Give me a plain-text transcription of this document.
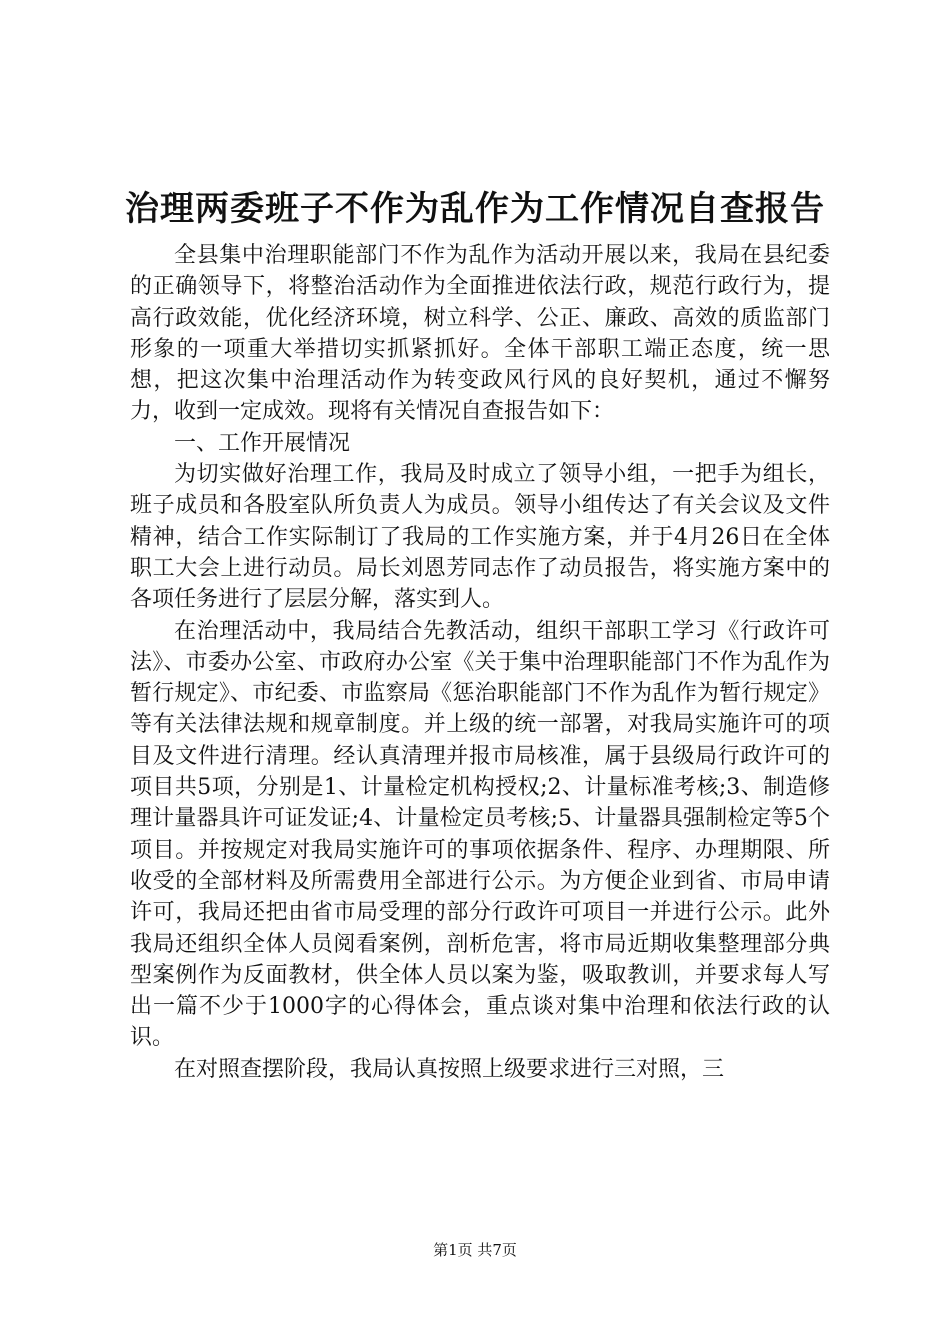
治理两委班子不作为乱作为工作情况自查报告

全县集中治理职能部门不作为乱作为活动开展以来，我局在县纪委的正确领导下，将整治活动作为全面推进依法行政，规范行政行为，提高行政效能，优化经济环境，树立科学、公正、廉政、高效的质监部门形象的一项重大举措切实抓紧抓好。全体干部职工端正态度，统一思想，把这次集中治理活动作为转变政风行风的良好契机，通过不懈努力，收到一定成效。现将有关情况自查报告如下：

一、工作开展情况

为切实做好治理工作，我局及时成立了领导小组，一把手为组长，班子成员和各股室队所负责人为成员。领导小组传达了有关会议及文件精神，结合工作实际制订了我局的工作实施方案，并于4月26日在全体职工大会上进行动员。局长刘恩芳同志作了动员报告，将实施方案中的各项任务进行了层层分解，落实到人。

在治理活动中，我局结合先教活动，组织干部职工学习《行政许可法》、市委办公室、市政府办公室《关于集中治理职能部门不作为乱作为暂行规定》、市纪委、市监察局《惩治职能部门不作为乱作为暂行规定》等有关法律法规和规章制度。并上级的统一部署，对我局实施许可的项目及文件进行清理。经认真清理并报市局核准，属于县级局行政许可的项目共5项，分别是1、计量检定机构授权;2、计量标准考核;3、制造修理计量器具许可证发证;4、计量检定员考核;5、计量器具强制检定等5个项目。并按规定对我局实施许可的事项依据条件、程序、办理期限、所收受的全部材料及所需费用全部进行公示。为方便企业到省、市局申请许可，我局还把由省市局受理的部分行政许可项目一并进行公示。此外我局还组织全体人员阅看案例，剖析危害，将市局近期收集整理部分典型案例作为反面教材，供全体人员以案为鉴，吸取教训，并要求每人写出一篇不少于1000字的心得体会，重点谈对集中治理和依法行政的认识。

在对照查摆阶段，我局认真按照上级要求进行三对照，三

第1页 共7页
